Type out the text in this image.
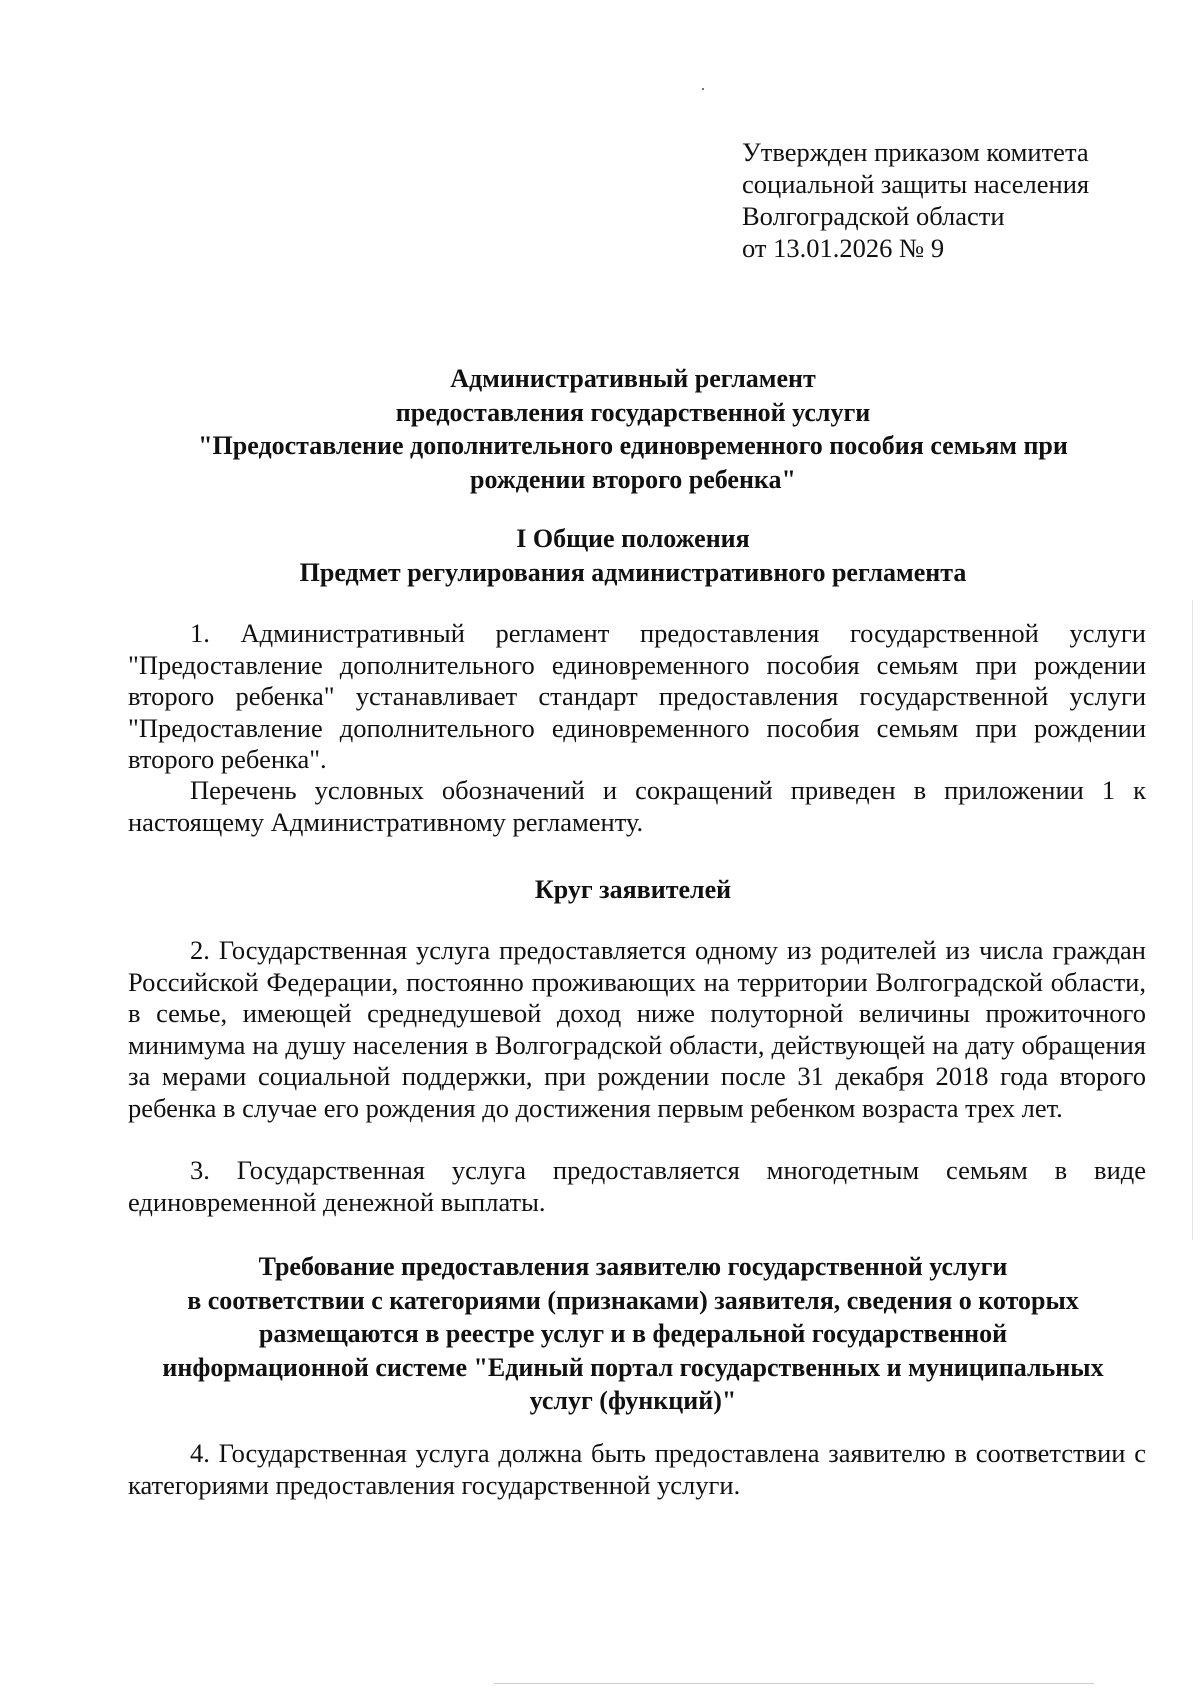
Утвержден приказом комитета
социальной защиты населения
Волгоградской области
от 13.01.2026 № 9
Административный регламент
предоставления государственной услуги
"Предоставление дополнительного единовременного пособия семьям при
рождении второго ребенка"
I Общие положения
Предмет регулирования административного регламента
1. Административный регламент предоставления государственной услуги "Предоставление дополнительного единовременного пособия семьям при рождении второго ребенка" устанавливает стандарт предоставления государственной услуги "Предоставление дополнительного единовременного пособия семьям при рождении второго ребенка".
Перечень условных обозначений и сокращений приведен в приложении 1 к настоящему Административному регламенту.
Круг заявителей
2. Государственная услуга предоставляется одному из родителей из числа граждан Российской Федерации, постоянно проживающих на территории Волгоградской области, в семье, имеющей среднедушевой доход ниже полуторной величины прожиточного минимума на душу населения в Волгоградской области, действующей на дату обращения за мерами социальной поддержки, при рождении после 31 декабря 2018 года второго ребенка в случае его рождения до достижения первым ребенком возраста трех лет.
3. Государственная услуга предоставляется многодетным семьям в виде единовременной денежной выплаты.
Требование предоставления заявителю государственной услуги
в соответствии с категориями (признаками) заявителя, сведения о которых
размещаются в реестре услуг и в федеральной государственной
информационной системе "Единый портал государственных и муниципальных
услуг (функций)"
4. Государственная услуга должна быть предоставлена заявителю в соответствии с категориями предоставления государственной услуги.
